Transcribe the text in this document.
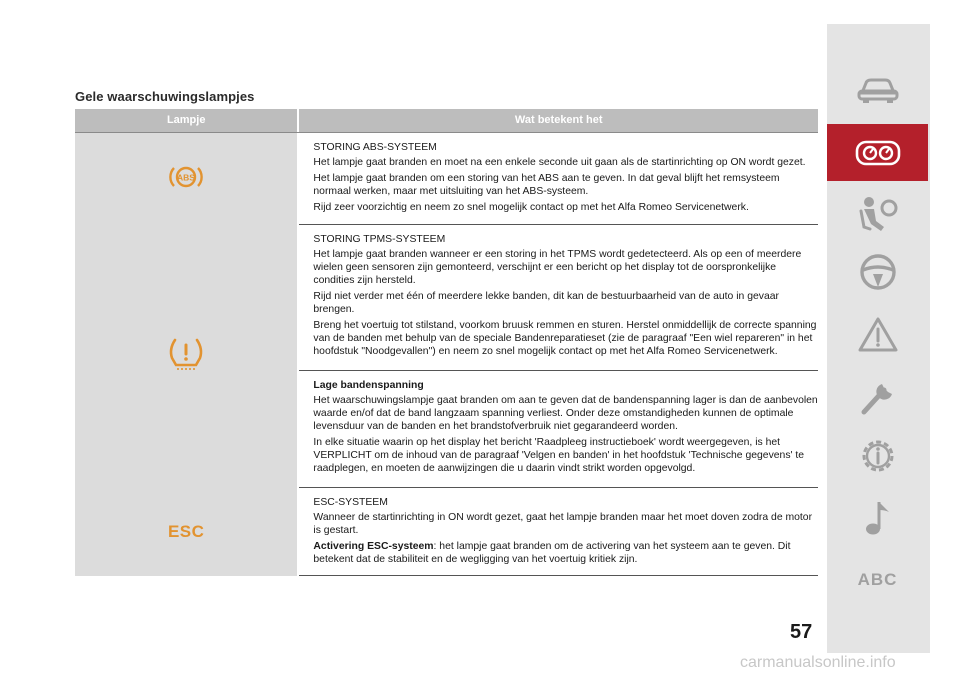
Gele waarschuwingslampjes
Lampje	Wat betekent het
ABS

STORING ABS-SYSTEEM

Het lampje gaat branden en moet na een enkele seconde uit gaan als de startinrichting op ON wordt gezet.

Het lampje gaat branden om een storing van het ABS aan te geven. In dat geval blijft het remsysteem normaal werken, maar met uitsluiting van het ABS-systeem.

Rijd zeer voorzichtig en neem zo snel mogelijk contact op met het Alfa Romeo Servicenetwerk.

STORING TPMS-SYSTEEM

Het lampje gaat branden wanneer er een storing in het TPMS wordt gedetecteerd. Als op een of meerdere wielen geen sensoren zijn gemonteerd, verschijnt er een bericht op het display tot de oorspronkelijke condities zijn hersteld.

Rijd niet verder met één of meerdere lekke banden, dit kan de bestuurbaarheid van de auto in gevaar brengen.

Breng het voertuig tot stilstand, voorkom bruusk remmen en sturen. Herstel onmiddellijk de correcte spanning van de banden met behulp van de speciale Bandenreparatieset (zie de paragraaf "Een wiel repareren" in het hoofdstuk "Noodgevallen") en neem zo snel mogelijk contact op met het Alfa Romeo Servicenetwerk.

Lage bandenspanning

Het waarschuwingslampje gaat branden om aan te geven dat de bandenspanning lager is dan de aanbevolen waarde en/of dat de band langzaam spanning verliest. Onder deze omstandigheden kunnen de optimale levensduur van de banden en het brandstofverbruik niet gegarandeerd worden.

In elke situatie waarin op het display het bericht 'Raadpleeg instructieboek' wordt weergegeven, is het VERPLICHT om de inhoud van de paragraaf 'Velgen en banden' in het hoofdstuk 'Technische gegevens' te raadplegen, en moeten de aanwijzingen die u daarin vindt strikt worden opgevolgd.

ESC

ESC-SYSTEEM

Wanneer de startinrichting in ON wordt gezet, gaat het lampje branden maar het moet doven zodra de motor is gestart.

Activering ESC-systeem: het lampje gaat branden om de activering van het systeem aan te geven. Dit betekent dat de stabiliteit en de wegligging van het voertuig kritiek zijn.

ABC
57
carmanualsonline.info
